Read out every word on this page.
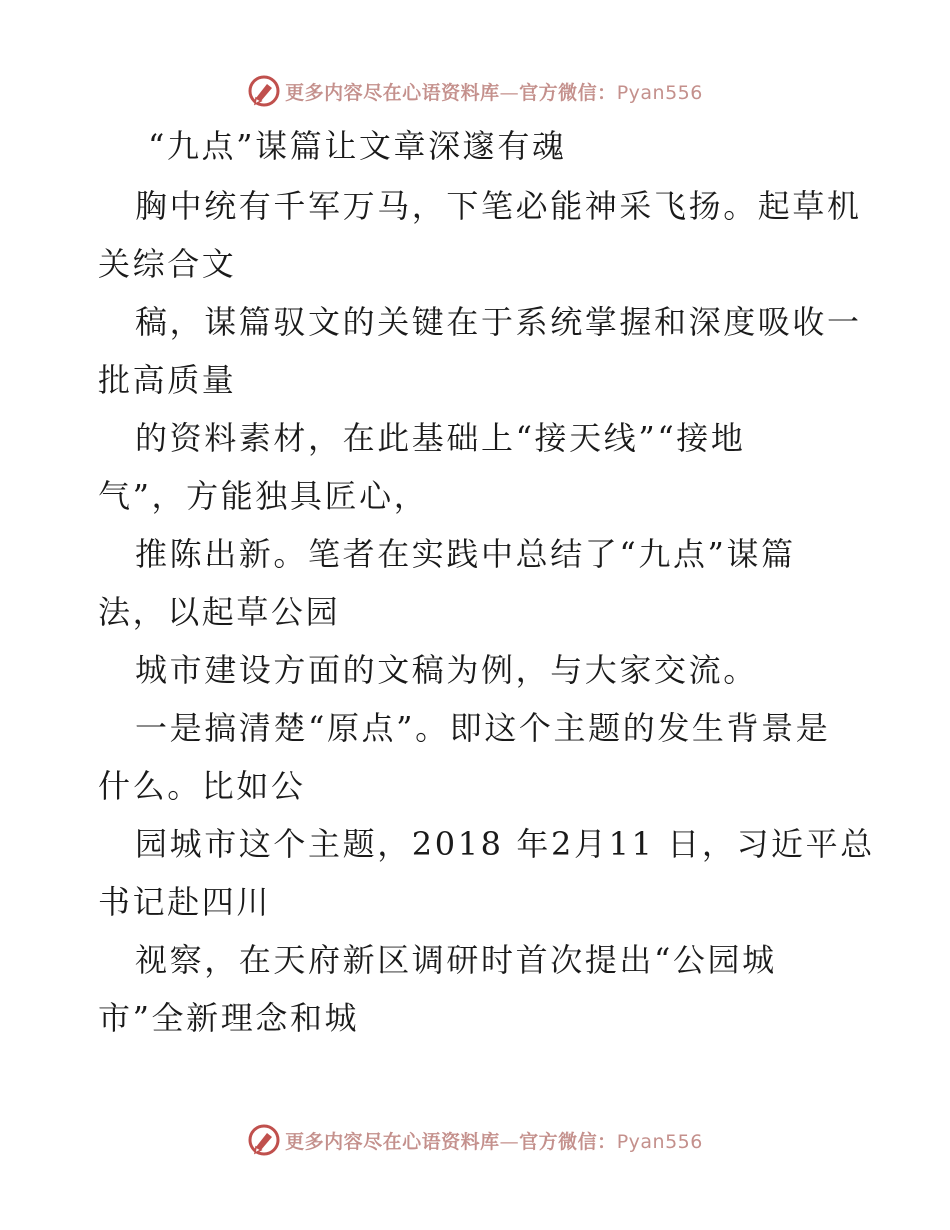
更多内容尽在心语资料库—官方微信：Pyan556
“九点”谋篇让文章深邃有魂
胸中统有千军万马，下笔必能神采飞扬。起草机
关综合文
稿，谋篇驭文的关键在于系统掌握和深度吸收一
批高质量
的资料素材，在此基础上“接天线”“接地
气”，方能独具匠心，
推陈出新。笔者在实践中总结了“九点”谋篇
法，以起草公园
城市建设方面的文稿为例，与大家交流。
一是搞清楚“原点”。即这个主题的发生背景是
什么。比如公
园城市这个主题，2018 年2月11 日，习近平总
书记赴四川
视察，在天府新区调研时首次提出“公园城
市”全新理念和城
更多内容尽在心语资料库—官方微信：Pyan556
